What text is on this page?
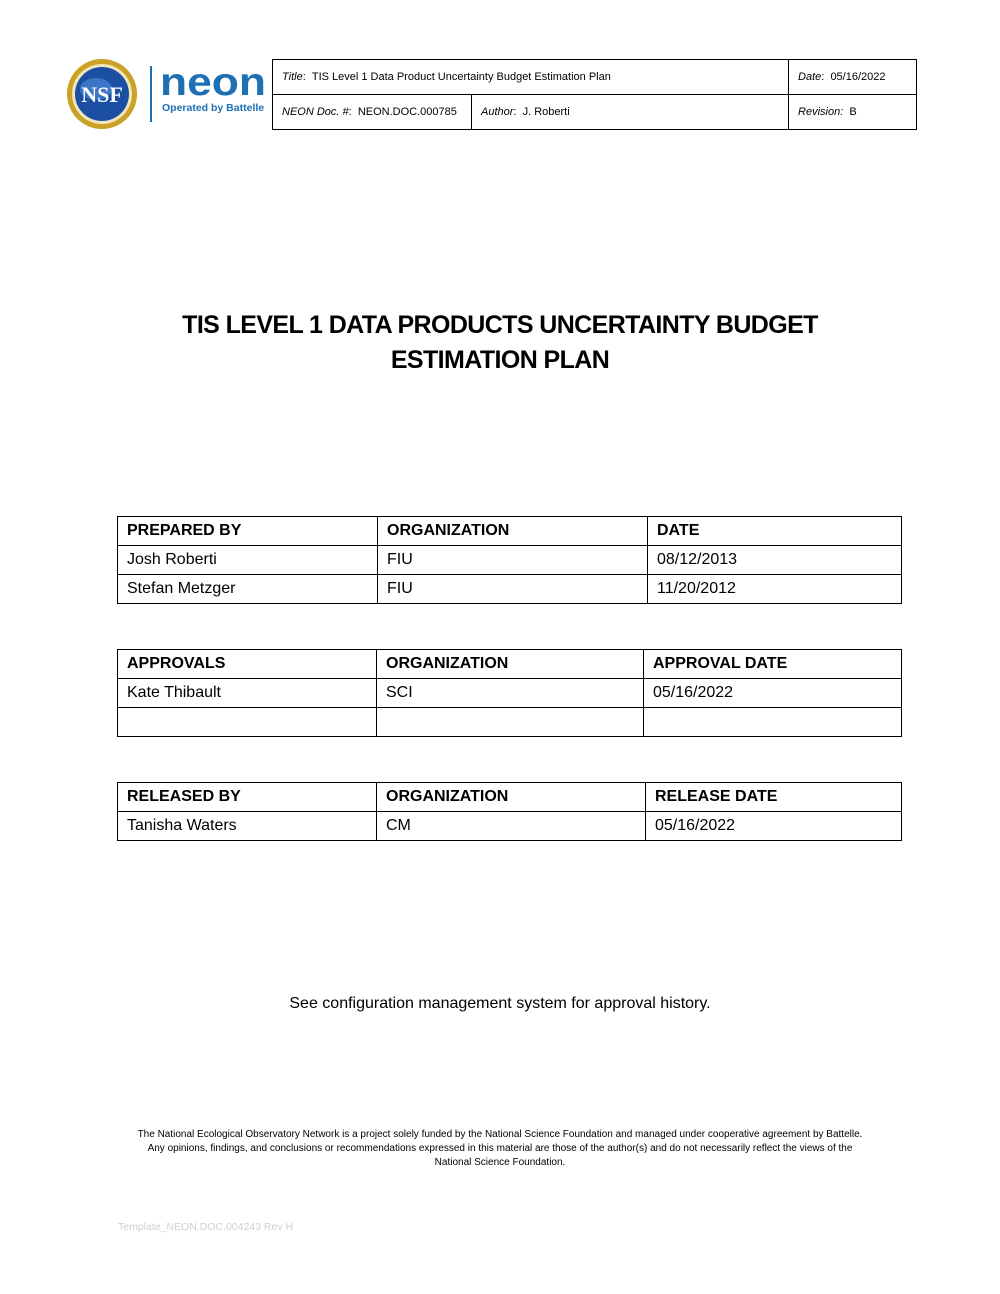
NSF neon
Operated by Battelle
Title:  TIS Level 1 Data Product Uncertainty Budget Estimation Plan		Date:  05/16/2022
NEON Doc. #:  NEON.DOC.000785	Author:  J. Roberti	Revision: B
TIS LEVEL 1 DATA PRODUCTS UNCERTAINTY BUDGET
ESTIMATION PLAN
PREPARED BY	ORGANIZATION	DATE
Josh Roberti	FIU	08/12/2013
Stefan Metzger	FIU	11/20/2012
APPROVALS	ORGANIZATION	APPROVAL DATE
Kate Thibault	SCI	05/16/2022

RELEASED BY	ORGANIZATION	RELEASE DATE
Tanisha Waters	CM	05/16/2022
See configuration management system for approval history.
The National Ecological Observatory Network is a project solely funded by the National Science Foundation and managed under cooperative agreement by Battelle.
Any opinions, findings, and conclusions or recommendations expressed in this material are those of the author(s) and do not necessarily reflect the views of the
National Science Foundation.
Template_NEON.DOC.004243 Rev H
